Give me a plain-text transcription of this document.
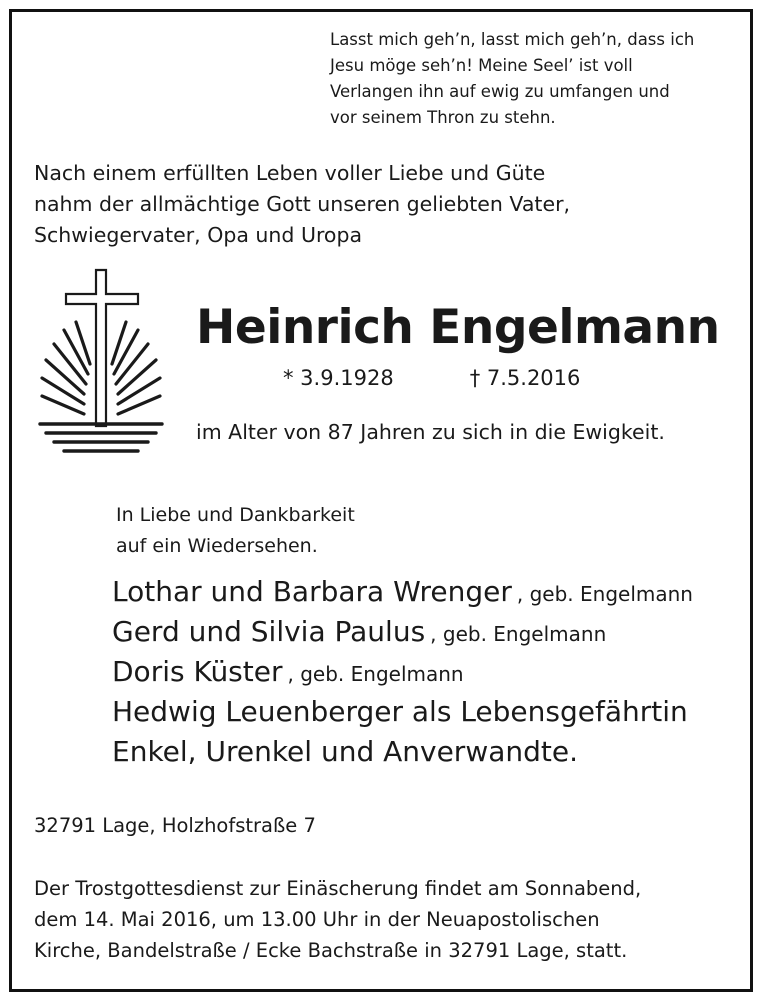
Lasst mich geh’n, lasst mich geh’n, dass ich
Jesu möge seh’n! Meine Seel’ ist voll
Verlangen ihn auf ewig zu umfangen und
vor seinem Thron zu stehn.
Nach einem erfüllten Leben voller Liebe und Güte
nahm der allmächtige Gott unseren geliebten Vater,
Schwiegervater, Opa und Uropa
Heinrich Engelmann
* 3.9.1928	† 7.5.2016
im Alter von 87 Jahren zu sich in die Ewigkeit.
In Liebe und Dankbarkeit
auf ein Wiedersehen.
Lothar und Barbara Wrenger , geb. Engelmann
Gerd und Silvia Paulus , geb. Engelmann
Doris Küster , geb. Engelmann
Hedwig Leuenberger als Lebensgefährtin
Enkel, Urenkel und Anverwandte.
32791 Lage, Holzhofstraße 7
Der Trostgottesdienst zur Einäscherung findet am Sonnabend,
dem 14. Mai 2016, um 13.00 Uhr in der Neuapostolischen
Kirche, Bandelstraße / Ecke Bachstraße in 32791 Lage, statt.
